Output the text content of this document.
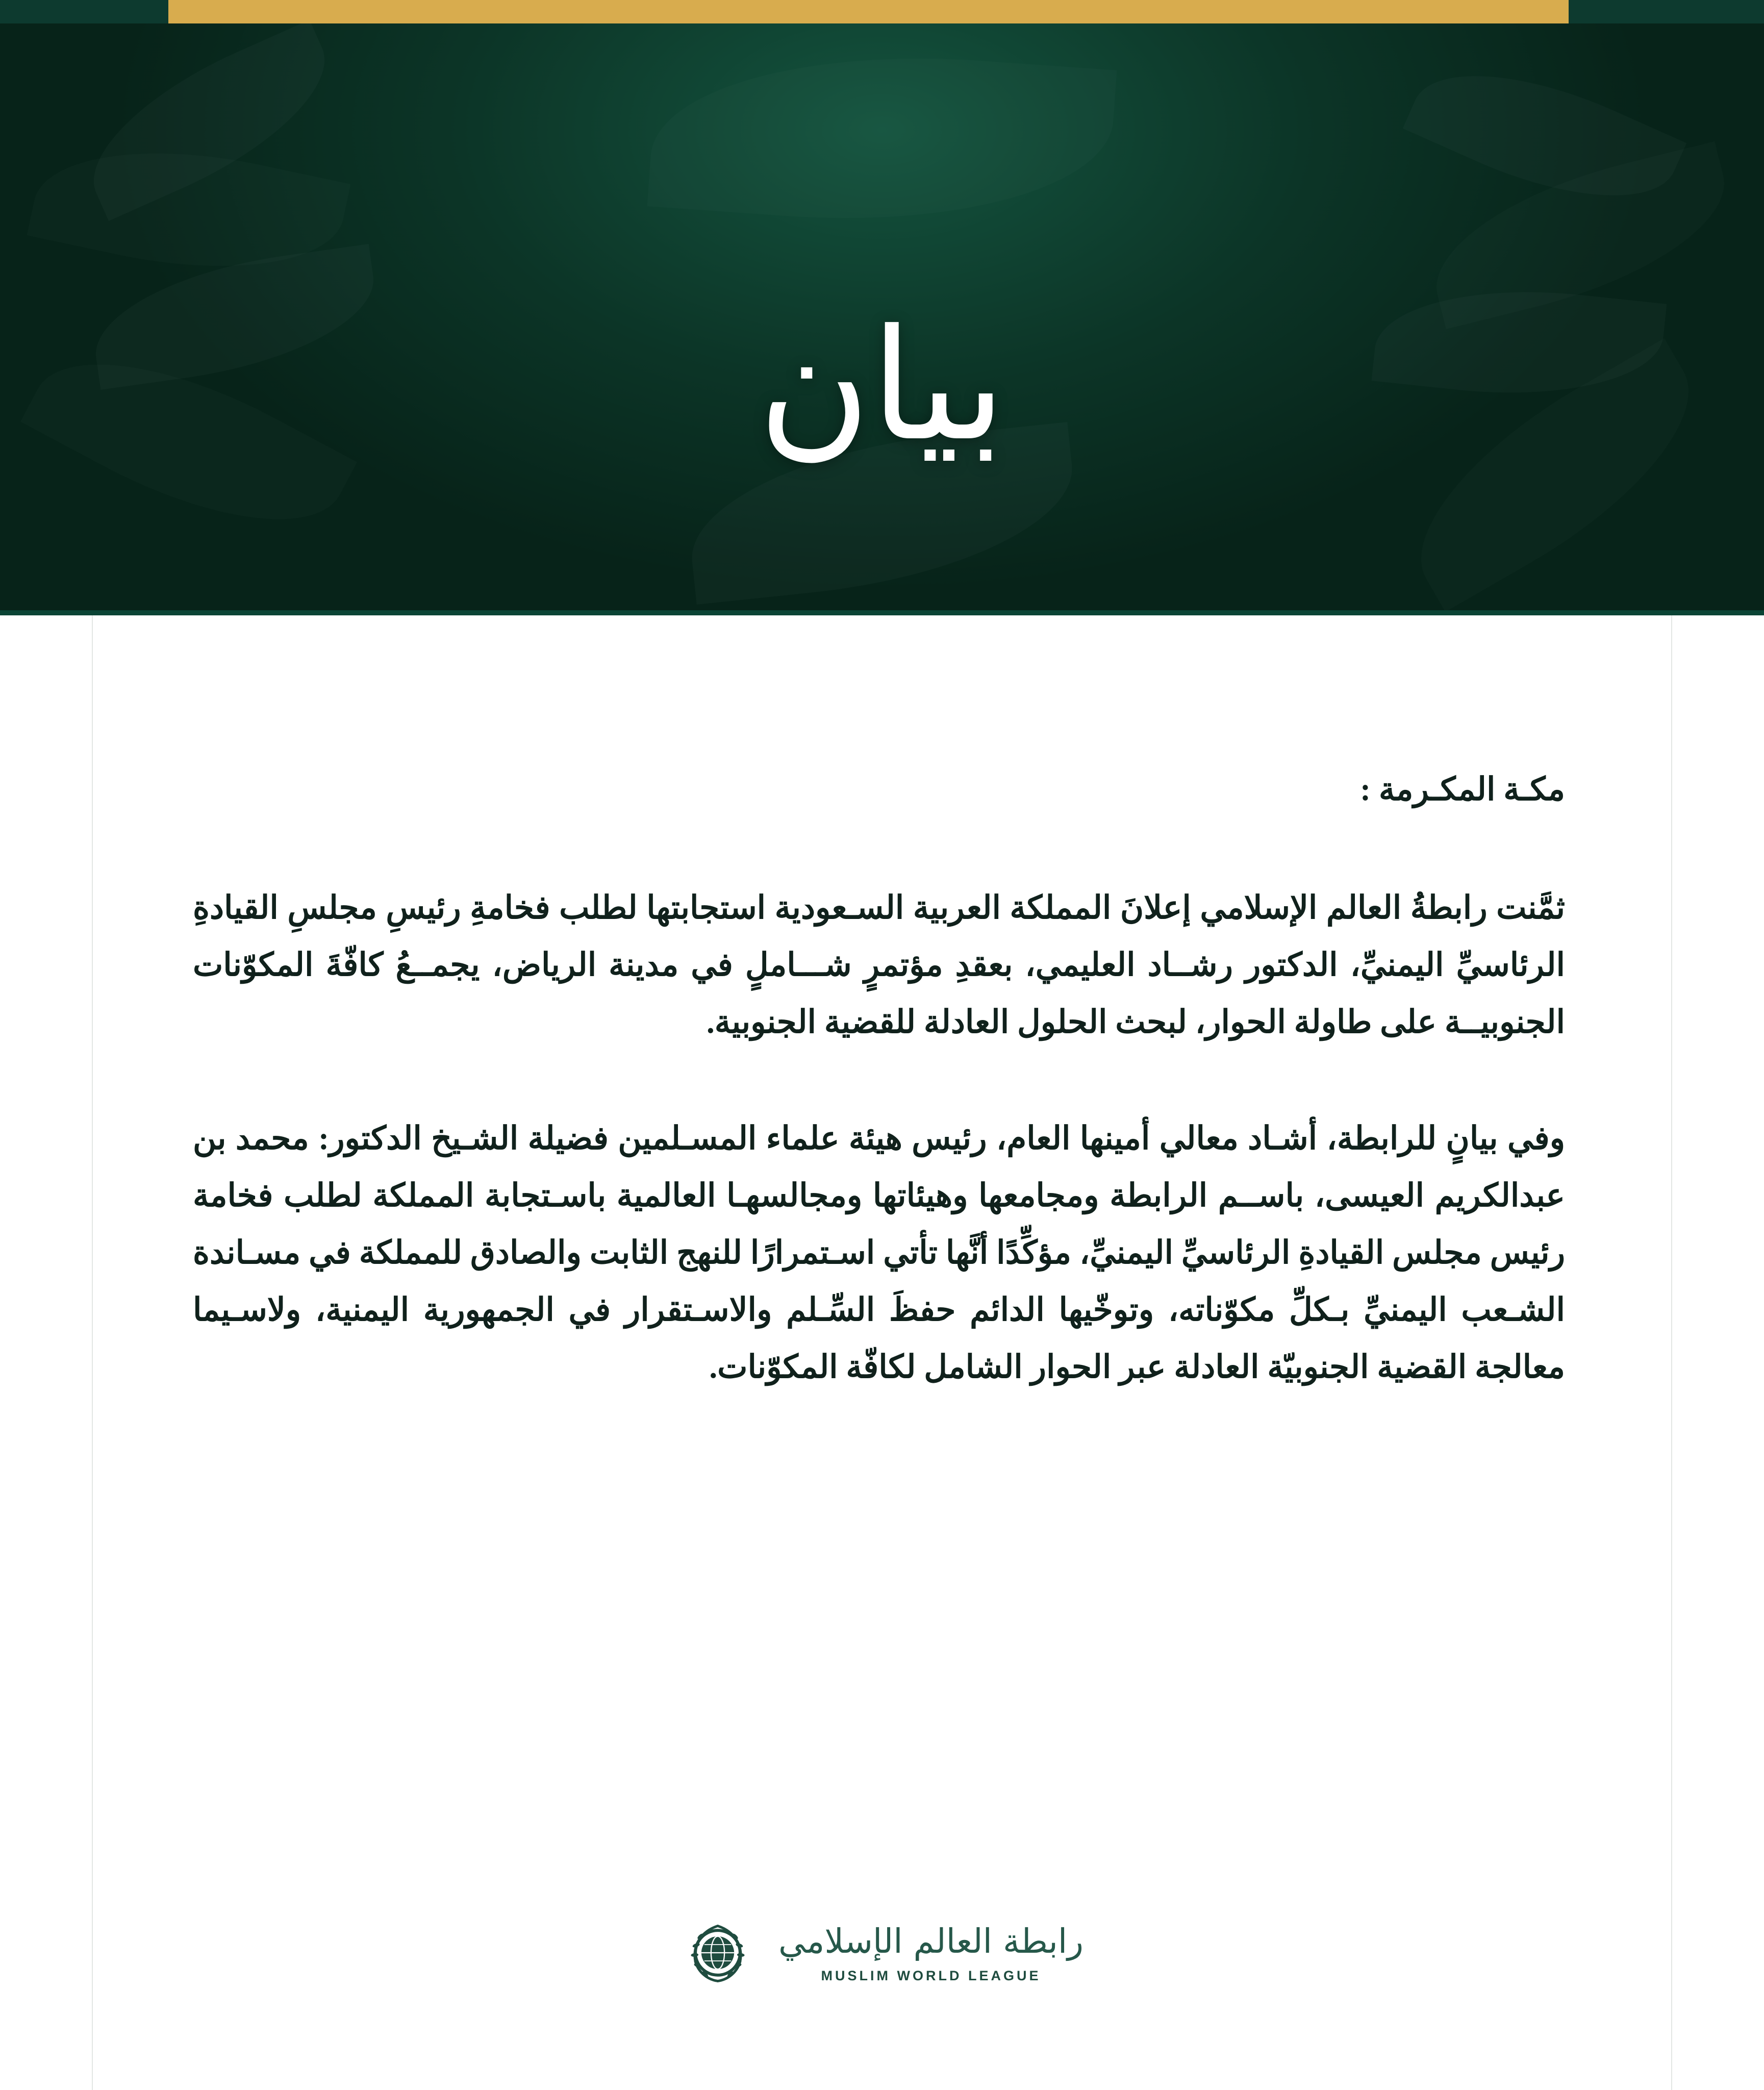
بيان
مكـة المكـرمة :

ثمَّنت رابطةُ العالم الإسلامي إعلانَ المملكة العربية السـعودية استجابتها لطلب فخامةِ رئيسِ مجلسِ القيادةِ الرئاسيِّ اليمنيِّ، الدكتور رشــاد العليمي، بعقدِ مؤتمرٍ شـــاملٍ في مدينة الرياض، يجمــعُ كافّةَ المكوّنات الجنوبيــة على طاولة الحوار، لبحث الحلول العادلة للقضية الجنوبية.

وفي بيانٍ للرابطة، أشـاد معالي أمينها العام، رئيس هيئة علماء المسـلمين فضيلة الشـيخ الدكتور: محمد بن عبدالكريم العيسى، باســم الرابطة ومجامعها وهيئاتها ومجالسهـا العالمية باسـتجابة المملكة لطلب فخامة رئيس مجلس القيادةِ الرئاسيِّ اليمنيِّ، مؤكِّدًا أنَّها تأتي اسـتمرارًا للنهج الثابت والصادق للمملكة في مسـاندة الشـعب اليمنيِّ بـكلِّ مكوّناته، وتوخّيها الدائم حفظَ السِّـلم والاسـتقرار في الجمهورية اليمنية، ولاسـيما معالجة القضية الجنوبيّة العادلة عبر الحوار الشامل لكافّة المكوّنات.

رابطة العالم الإسلامي
MUSLIM WORLD LEAGUE
